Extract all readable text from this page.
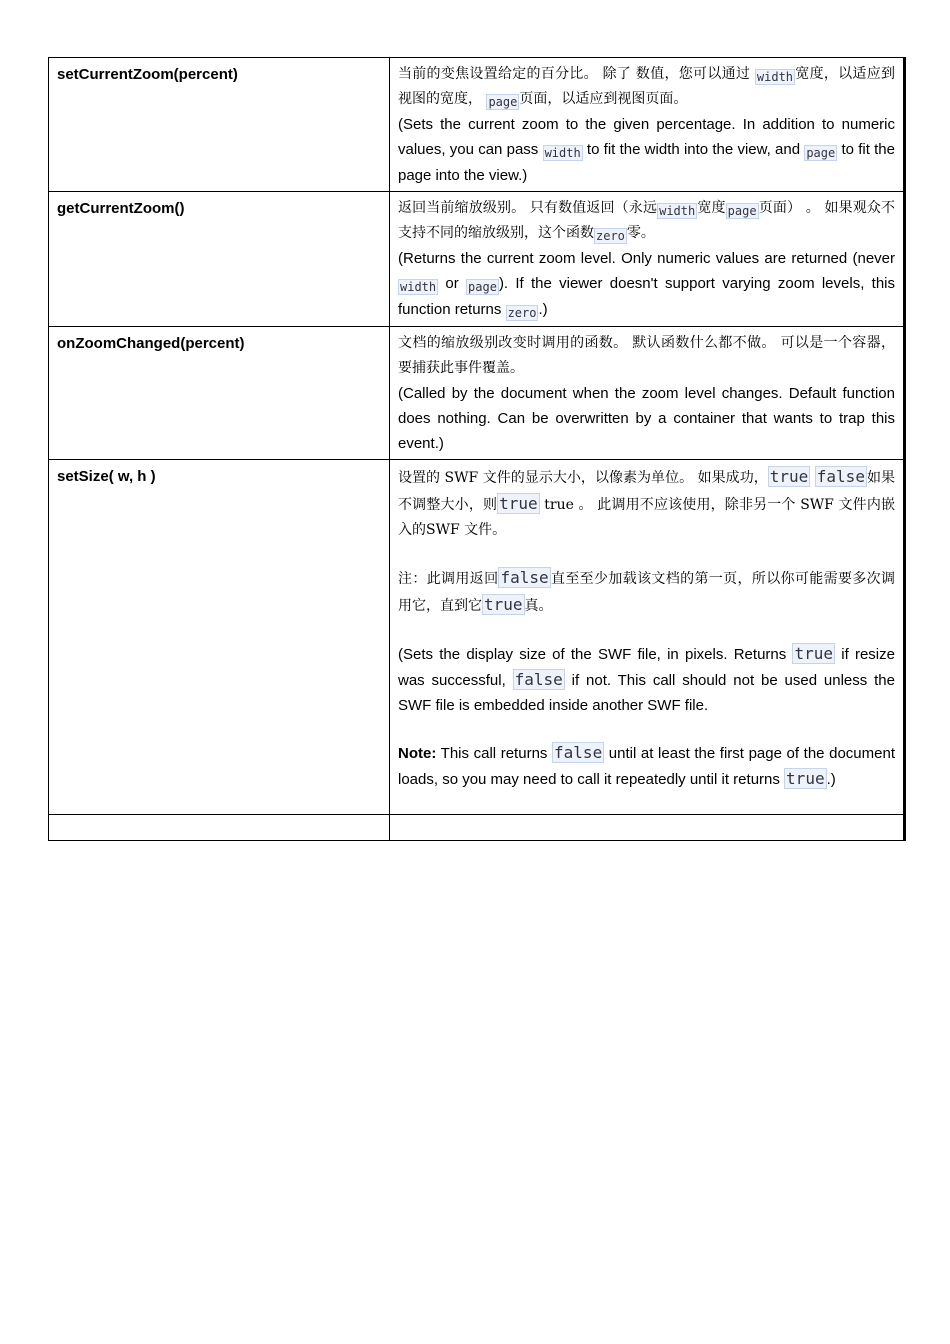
setCurrentZoom(percent)	当前的变焦设置给定的百分比。 除了 数值，您可以通过 width 宽度，以适应到视图的宽度， page 页面，以适应到视图页面。

(Sets the current zoom to the given percentage. In addition to numeric values, you can pass $_{width}$ to fit the width into the view, and $_{page}$ to fit the page into the view.)

getCurrentZoom()	返回当前缩放级别。 只有数值返回（永远 width 宽度 page 页面） 。 如果观众不支持不同的缩放级别，这个函数 zero 零。

(Returns the current zoom level. Only numeric values are returned (never $_{width}$ or $_{page}$ ). If the viewer doesn't support varying zoom levels, this function returns $_{zero}$ .)

onZoomChanged(percent)	文档的缩放级别改变时调用的函数。 默认函数什么都不做。 可以是一个容器，要捕获此事件覆盖。

(Called by the document when the zoom level changes. Default function does nothing. Can be overwritten by a container that wants to trap this event.)

setSize( w, h )	设置的 SWF 文件的显示大小，以像素为单位。 如果成功， true false 如果不调整大小，则 true true 。 此调用不应该使用，除非另一个 SWF 文件内嵌入的SWF 文件。

注：此调用返回 false 直至至少加载该文档的第一页，所以你可能需要多次调用它，直到它 true 真。

(Sets the display size of the SWF file, in pixels. Returns true if resize was successful, false if not. This call should not be used unless the SWF file is embedded inside another SWF file.

Note: This call returns false until at least the first page of the document loads, so you may need to call it repeatedly until it returns true .)
